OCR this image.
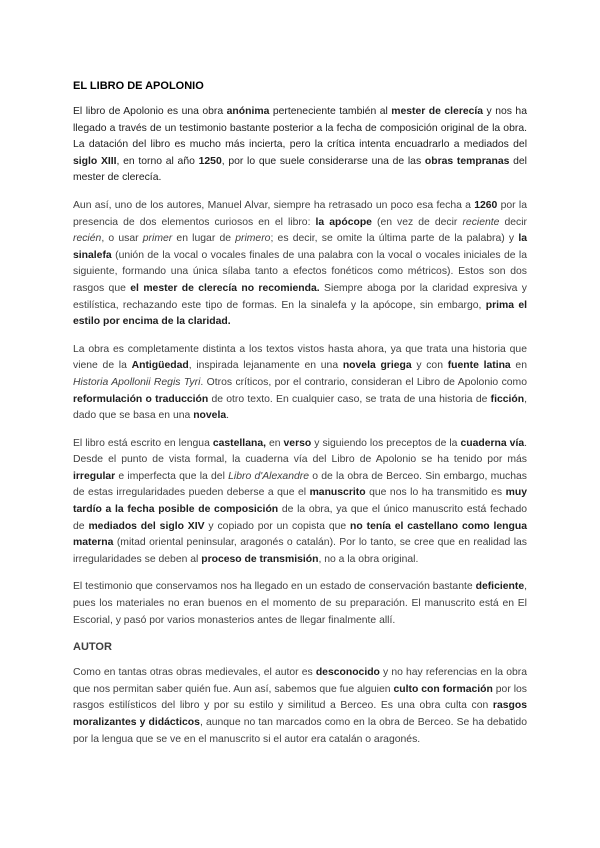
EL LIBRO DE APOLONIO

El libro de Apolonio es una obra anónima perteneciente también al mester de clerecía y nos ha llegado a través de un testimonio bastante posterior a la fecha de composición original de la obra. La datación del libro es mucho más incierta, pero la crítica intenta encuadrarlo a mediados del siglo XIII, en torno al año 1250, por lo que suele considerarse una de las obras tempranas del mester de clerecía.

Aun así, uno de los autores, Manuel Alvar, siempre ha retrasado un poco esa fecha a 1260 por la presencia de dos elementos curiosos en el libro: la apócope (en vez de decir reciente decir recién, o usar primer en lugar de primero; es decir, se omite la última parte de la palabra) y la sinalefa (unión de la vocal o vocales finales de una palabra con la vocal o vocales iniciales de la siguiente, formando una única sílaba tanto a efectos fonéticos como métricos). Estos son dos rasgos que el mester de clerecía no recomienda. Siempre aboga por la claridad expresiva y estilística, rechazando este tipo de formas. En la sinalefa y la apócope, sin embargo, prima el estilo por encima de la claridad.

La obra es completamente distinta a los textos vistos hasta ahora, ya que trata una historia que viene de la Antigüedad, inspirada lejanamente en una novela griega y con fuente latina en Historia Apollonii Regis Tyri. Otros críticos, por el contrario, consideran el Libro de Apolonio como reformulación o traducción de otro texto. En cualquier caso, se trata de una historia de ficción, dado que se basa en una novela.

El libro está escrito en lengua castellana, en verso y siguiendo los preceptos de la cuaderna vía. Desde el punto de vista formal, la cuaderna vía del Libro de Apolonio se ha tenido por más irregular e imperfecta que la del Libro d'Alexandre o de la obra de Berceo. Sin embargo, muchas de estas irregularidades pueden deberse a que el manuscrito que nos lo ha transmitido es muy tardío a la fecha posible de composición de la obra, ya que el único manuscrito está fechado de mediados del siglo XIV y copiado por un copista que no tenía el castellano como lengua materna (mitad oriental peninsular, aragonés o catalán). Por lo tanto, se cree que en realidad las irregularidades se deben al proceso de transmisión, no a la obra original.

El testimonio que conservamos nos ha llegado en un estado de conservación bastante deficiente, pues los materiales no eran buenos en el momento de su preparación. El manuscrito está en El Escorial, y pasó por varios monasterios antes de llegar finalmente allí.

AUTOR

Como en tantas otras obras medievales, el autor es desconocido y no hay referencias en la obra que nos permitan saber quién fue. Aun así, sabemos que fue alguien culto con formación por los rasgos estilísticos del libro y por su estilo y similitud a Berceo. Es una obra culta con rasgos moralizantes y didácticos, aunque no tan marcados como en la obra de Berceo. Se ha debatido por la lengua que se ve en el manuscrito si el autor era catalán o aragonés.
